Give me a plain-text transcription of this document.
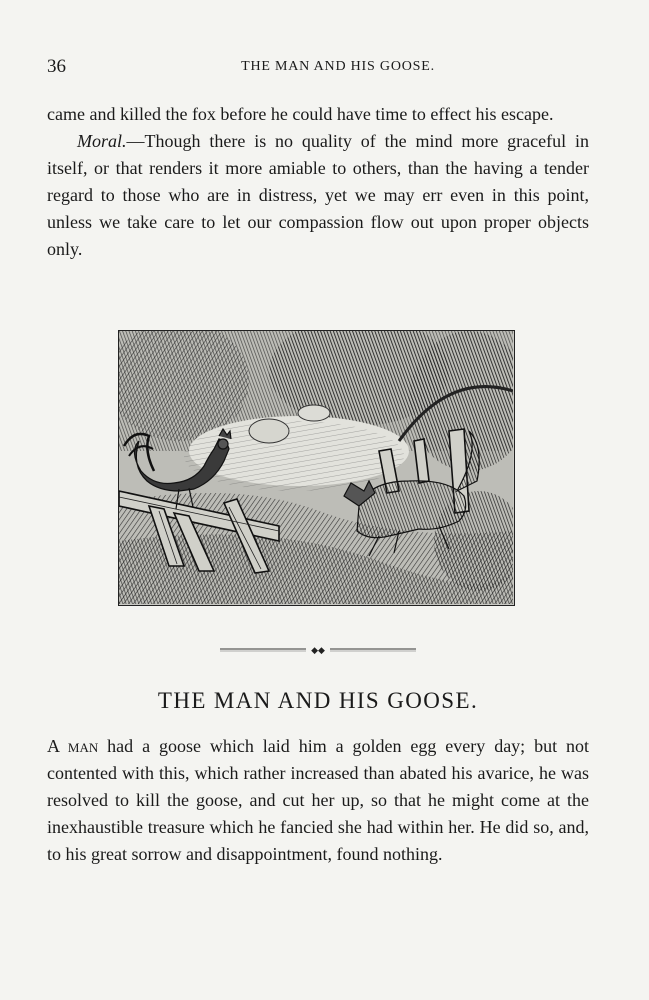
36	THE MAN AND HIS GOOSE.

came and killed the fox before he could have time to effect his escape.

Moral.—Though there is no quality of the mind more graceful in itself, or that renders it more amiable to others, than the having a tender regard to those who are in distress, yet we may err even in this point, unless we take care to let our compassion flow out upon proper objects only.

◆◆
THE MAN AND HIS GOOSE.

A man had a goose which laid him a golden egg every day; but not contented with this, which rather increased than abated his avarice, he was resolved to kill the goose, and cut her up, so that he might come at the inexhaustible treasure which he fancied she had within her. He did so, and, to his great sorrow and disappointment, found nothing.
